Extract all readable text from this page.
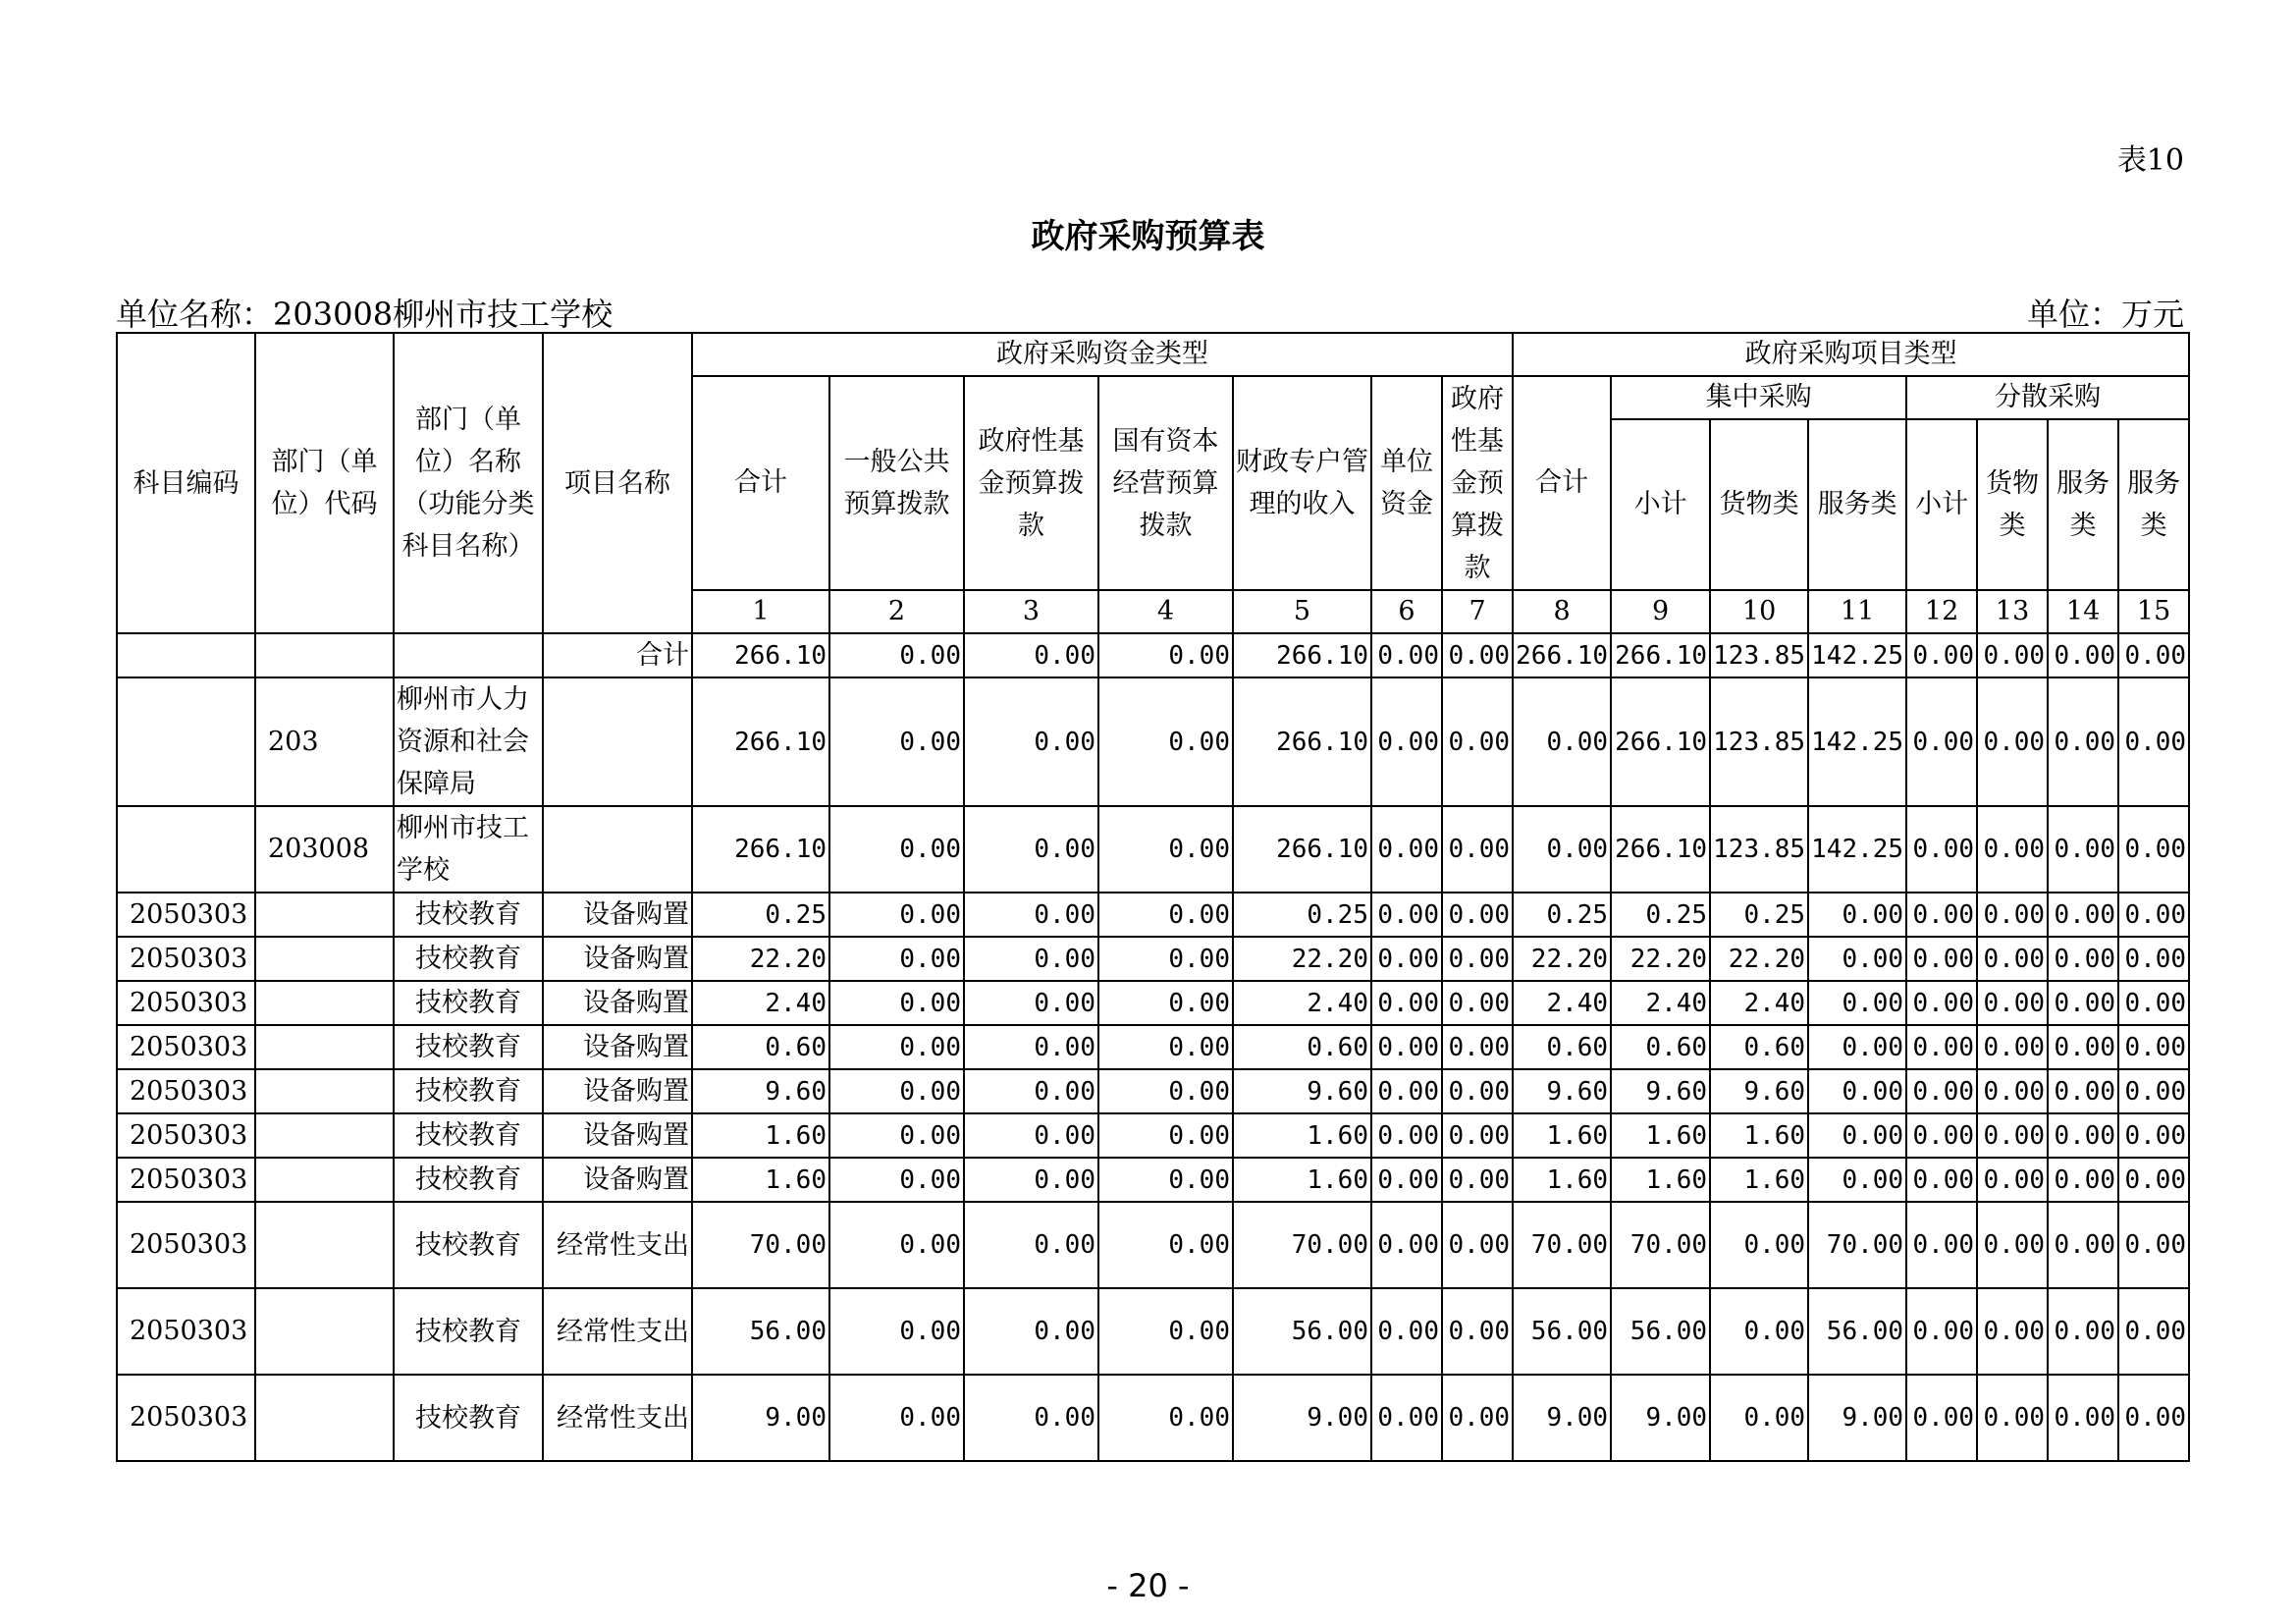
表10
政府采购预算表
单位名称：203008柳州市技工学校	单位：万元
科目编码	部门（单位）代码	部门（单位）名称（功能分类科目名称）	项目名称	政府采购资金类型							政府采购项目类型							
				合计	一般公共预算拨款	政府性基金预算拨款	国有资本经营预算拨款	财政专户管理的收入	单位资金	政府性基金预算拨款	合计	集中采购			分散采购			
												小计	货物类	服务类	小计	货物类	服务类	服务类
				1	2	3	4	5	6	7	8	9	10	11	12	13	14	15
			合计	266.10	0.00	0.00	0.00	266.10	0.00	0.00	266.10	266.10	123.85	142.25	0.00	0.00	0.00	0.00
	203	柳州市人力资源和社会保障局		266.10	0.00	0.00	0.00	266.10	0.00	0.00	0.00	266.10	123.85	142.25	0.00	0.00	0.00	0.00
	203008	柳州市技工学校		266.10	0.00	0.00	0.00	266.10	0.00	0.00	0.00	266.10	123.85	142.25	0.00	0.00	0.00	0.00
2050303		技校教育	设备购置	0.25	0.00	0.00	0.00	0.25	0.00	0.00	0.25	0.25	0.25	0.00	0.00	0.00	0.00	0.00
2050303		技校教育	设备购置	22.20	0.00	0.00	0.00	22.20	0.00	0.00	22.20	22.20	22.20	0.00	0.00	0.00	0.00	0.00
2050303		技校教育	设备购置	2.40	0.00	0.00	0.00	2.40	0.00	0.00	2.40	2.40	2.40	0.00	0.00	0.00	0.00	0.00
2050303		技校教育	设备购置	0.60	0.00	0.00	0.00	0.60	0.00	0.00	0.60	0.60	0.60	0.00	0.00	0.00	0.00	0.00
2050303		技校教育	设备购置	9.60	0.00	0.00	0.00	9.60	0.00	0.00	9.60	9.60	9.60	0.00	0.00	0.00	0.00	0.00
2050303		技校教育	设备购置	1.60	0.00	0.00	0.00	1.60	0.00	0.00	1.60	1.60	1.60	0.00	0.00	0.00	0.00	0.00
2050303		技校教育	设备购置	1.60	0.00	0.00	0.00	1.60	0.00	0.00	1.60	1.60	1.60	0.00	0.00	0.00	0.00	0.00
2050303		技校教育	经常性支出	70.00	0.00	0.00	0.00	70.00	0.00	0.00	70.00	70.00	0.00	70.00	0.00	0.00	0.00	0.00
2050303		技校教育	经常性支出	56.00	0.00	0.00	0.00	56.00	0.00	0.00	56.00	56.00	0.00	56.00	0.00	0.00	0.00	0.00
2050303		技校教育	经常性支出	9.00	0.00	0.00	0.00	9.00	0.00	0.00	9.00	9.00	0.00	9.00	0.00	0.00	0.00	0.00
- 20 -
